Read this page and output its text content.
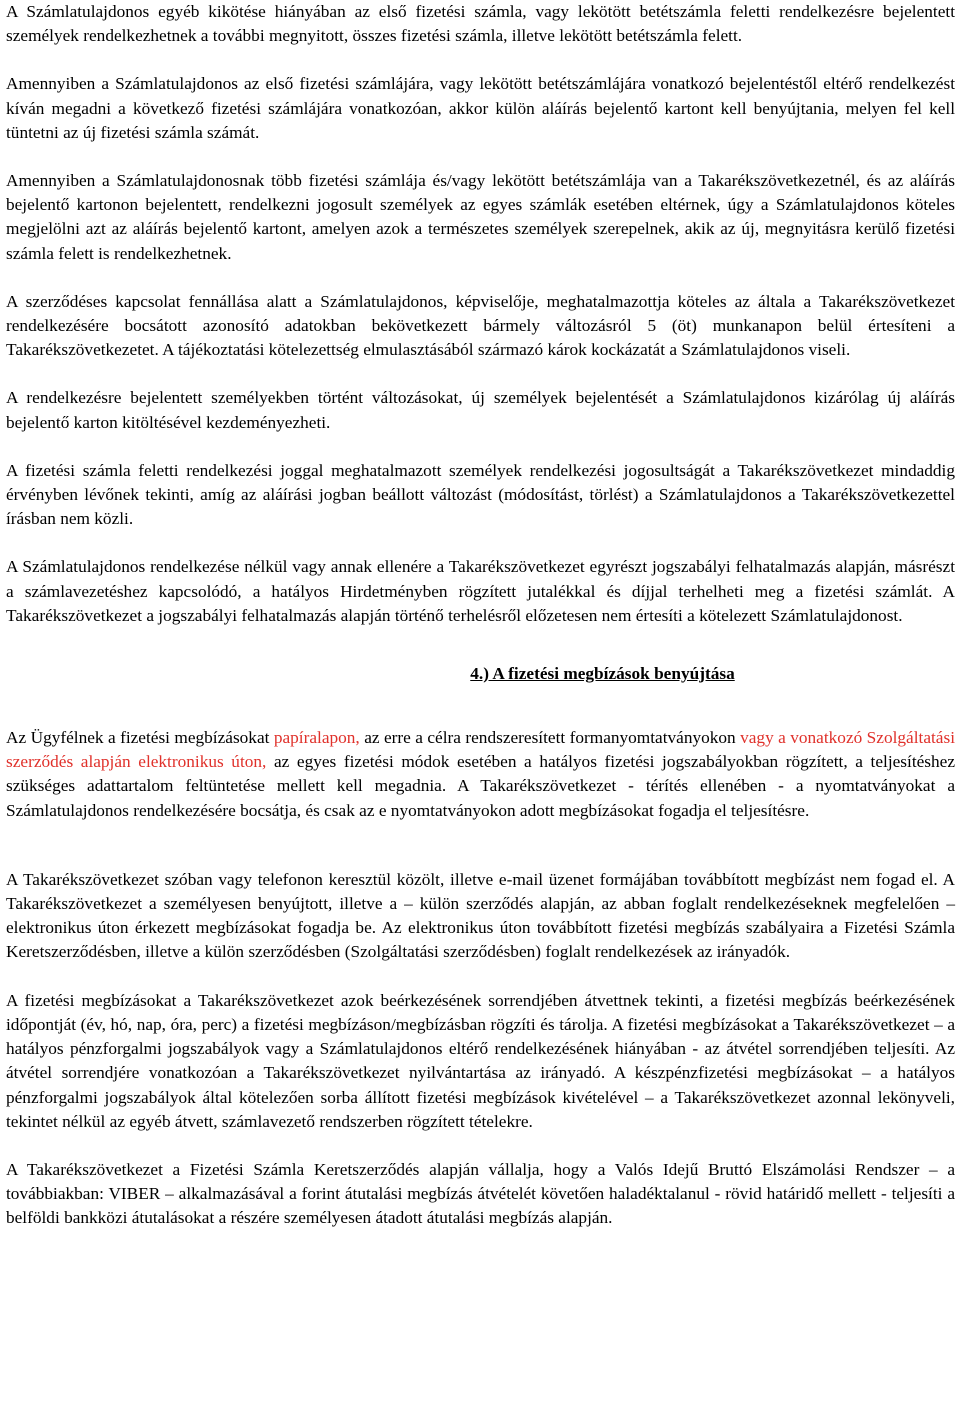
A Számlatulajdonos egyéb kikötése hiányában az első fizetési számla, vagy lekötött betétszámla feletti rendelkezésre bejelentett személyek rendelkezhetnek a további megnyitott, összes fizetési számla, illetve lekötött betétszámla felett.

Amennyiben a Számlatulajdonos az első fizetési számlájára, vagy lekötött betétszámlájára vonatkozó bejelentéstől eltérő rendelkezést kíván megadni a következő fizetési számlájára vonatkozóan, akkor külön aláírás bejelentő kartont kell benyújtania, melyen fel kell tüntetni az új fizetési számla számát.

Amennyiben a Számlatulajdonosnak több fizetési számlája és/vagy lekötött betétszámlája van a Takarékszövetkezetnél, és az aláírás bejelentő kartonon bejelentett, rendelkezni jogosult személyek az egyes számlák esetében eltérnek, úgy a Számlatulajdonos köteles megjelölni azt az aláírás bejelentő kartont, amelyen azok a természetes személyek szerepelnek, akik az új, megnyitásra kerülő fizetési számla felett is rendelkezhetnek.

A szerződéses kapcsolat fennállása alatt a Számlatulajdonos, képviselője, meghatalmazottja köteles az általa a Takarékszövetkezet rendelkezésére bocsátott azonosító adatokban bekövetkezett bármely változásról 5 (öt) munkanapon belül értesíteni a Takarékszövetkezetet. A tájékoztatási kötelezettség elmulasztásából származó károk kockázatát a Számlatulajdonos viseli.

A rendelkezésre bejelentett személyekben történt változásokat, új személyek bejelentését a Számlatulajdonos kizárólag új aláírás bejelentő karton kitöltésével kezdeményezheti.

A fizetési számla feletti rendelkezési joggal meghatalmazott személyek rendelkezési jogosultságát a Takarékszövetkezet mindaddig érvényben lévőnek tekinti, amíg az aláírási jogban beállott változást (módosítást, törlést) a Számlatulajdonos a Takarékszövetkezettel írásban nem közli.

A Számlatulajdonos rendelkezése nélkül vagy annak ellenére a Takarékszövetkezet egyrészt jogszabályi felhatalmazás alapján, másrészt a számlavezetéshez kapcsolódó, a hatályos Hirdetményben rögzített jutalékkal és díjjal terhelheti meg a fizetési számlát. A Takarékszövetkezet a jogszabályi felhatalmazás alapján történő terhelésről előzetesen nem értesíti a kötelezett Számlatulajdonost.

4.) A fizetési megbízások benyújtása

Az Ügyfélnek a fizetési megbízásokat papíralapon, az erre a célra rendszeresített formanyomtatványokon vagy a vonatkozó Szolgáltatási szerződés alapján elektronikus úton, az egyes fizetési módok esetében a hatályos fizetési jogszabályokban rögzített, a teljesítéshez szükséges adattartalom feltüntetése mellett kell megadnia. A Takarékszövetkezet - térítés ellenében - a nyomtatványokat a Számlatulajdonos rendelkezésére bocsátja, és csak az e nyomtatványokon adott megbízásokat fogadja el teljesítésre.

A Takarékszövetkezet szóban vagy telefonon keresztül közölt, illetve e-mail üzenet formájában továbbított megbízást nem fogad el. A Takarékszövetkezet a személyesen benyújtott, illetve a – külön szerződés alapján, az abban foglalt rendelkezéseknek megfelelően – elektronikus úton érkezett megbízásokat fogadja be. Az elektronikus úton továbbított fizetési megbízás szabályaira a Fizetési Számla Keretszerződésben, illetve a külön szerződésben (Szolgáltatási szerződésben) foglalt rendelkezések az irányadók.

A fizetési megbízásokat a Takarékszövetkezet azok beérkezésének sorrendjében átvettnek tekinti, a fizetési megbízás beérkezésének időpontját (év, hó, nap, óra, perc) a fizetési megbízáson/megbízásban rögzíti és tárolja. A fizetési megbízásokat a Takarékszövetkezet – a hatályos pénzforgalmi jogszabályok vagy a Számlatulajdonos eltérő rendelkezésének hiányában - az átvétel sorrendjében teljesíti. Az átvétel sorrendjére vonatkozóan a Takarékszövetkezet nyilvántartása az irányadó. A készpénzfizetési megbízásokat – a hatályos pénzforgalmi jogszabályok által kötelezően sorba állított fizetési megbízások kivételével – a Takarékszövetkezet azonnal lekönyveli, tekintet nélkül az egyéb átvett, számlavezető rendszerben rögzített tételekre.

A Takarékszövetkezet a Fizetési Számla Keretszerződés alapján vállalja, hogy a Valós Idejű Bruttó Elszámolási Rendszer – a továbbiakban: VIBER – alkalmazásával a forint átutalási megbízás átvételét követően haladéktalanul - rövid határidő mellett - teljesíti a belföldi bankközi átutalásokat a részére személyesen átadott átutalási megbízás alapján.
